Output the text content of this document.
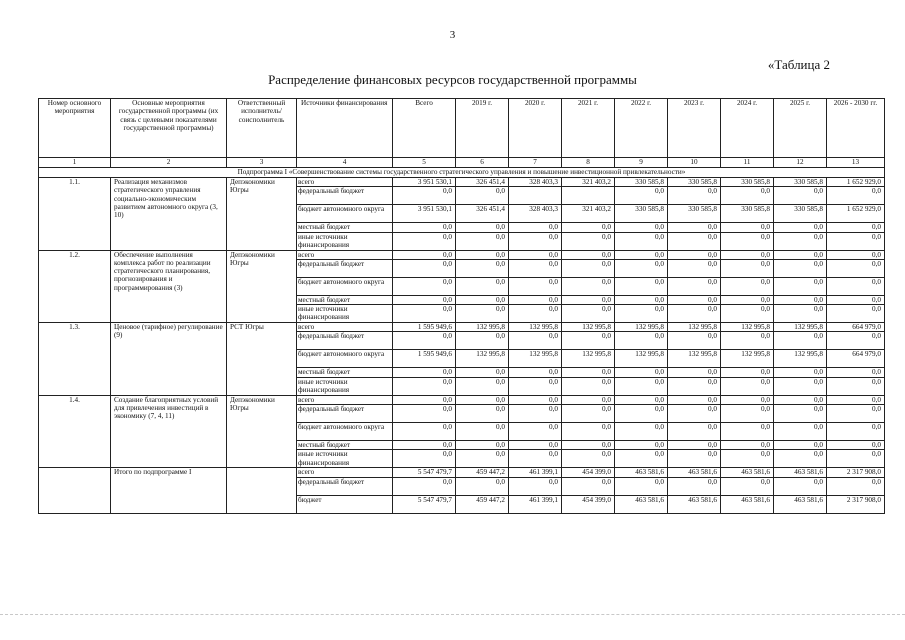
3
«Таблица 2
Распределение финансовых ресурсов государственной программы
Номер основного мероприятия	Основные мероприятия государственной программы (их связь с целевыми показателями государственной программы)	Ответственный исполнитель/ соисполнитель	Источники финансирования	Всего	2019 г.	2020 г.	2021 г.	2022 г.	2023 г.	2024 г.	2025 г.	2026 - 2030 гг.
1	2	3	4	5	6	7	8	9	10	11	12	13
Подпрограмма I «Совершенствование системы государственного стратегического управления и повышение инвестиционной привлекательности»												
1.1.	Реализация механизмов стратегического управления социально-экономическим развитием автономного округа (3, 10)	Депэкономики Югры	всего	3 951 530,1	326 451,4	328 403,3	321 403,2	330 585,8	330 585,8	330 585,8	330 585,8	1 652 929,0
			федеральный бюджет	0,0	0,0			0,0	0,0	0,0	0,0	0,0
			бюджет автономного округа	3 951 530,1	326 451,4	328 403,3	321 403,2	330 585,8	330 585,8	330 585,8	330 585,8	1 652 929,0
			местный бюджет	0,0	0,0	0,0	0,0	0,0	0,0	0,0	0,0	0,0
			иные источники финансирования	0,0	0,0	0,0	0,0	0,0	0,0	0,0	0,0	0,0
1.2.	Обеспечение выполнения комплекса работ по реализации стратегического планирования, прогнозирования и программирования (3)	Депэкономики Югры	всего	0,0	0,0	0,0	0,0	0,0	0,0	0,0	0,0	0,0
			федеральный бюджет	0,0	0,0	0,0	0,0	0,0	0,0	0,0	0,0	0,0
			бюджет автономного округа	0,0	0,0	0,0	0,0	0,0	0,0	0,0	0,0	0,0
			местный бюджет	0,0	0,0	0,0	0,0	0,0	0,0	0,0	0,0	0,0
			иные источники финансирования	0,0	0,0	0,0	0,0	0,0	0,0	0,0	0,0	0,0
1.3.	Ценовое (тарифное) регулирование (9)	РСТ Югры	всего	1 595 949,6	132 995,8	132 995,8	132 995,8	132 995,8	132 995,8	132 995,8	132 995,8	664 979,0
			федеральный бюджет	0,0	0,0	0,0	0,0	0,0	0,0	0,0	0,0	0,0
			бюджет автономного округа	1 595 949,6	132 995,8	132 995,8	132 995,8	132 995,8	132 995,8	132 995,8	132 995,8	664 979,0
			местный бюджет	0,0	0,0	0,0	0,0	0,0	0,0	0,0	0,0	0,0
			иные источники финансирования	0,0	0,0	0,0	0,0	0,0	0,0	0,0	0,0	0,0
1.4.	Создание благоприятных условий для привлечения инвестиций в экономику (7, 4, 11)	Депэкономики Югры	всего	0,0	0,0	0,0	0,0	0,0	0,0	0,0	0,0	0,0
			федеральный бюджет	0,0	0,0	0,0	0,0	0,0	0,0	0,0	0,0	0,0
			бюджет автономного округа	0,0	0,0	0,0	0,0	0,0	0,0	0,0	0,0	0,0
			местный бюджет	0,0	0,0	0,0	0,0	0,0	0,0	0,0	0,0	0,0
			иные источники финансирования	0,0	0,0	0,0	0,0	0,0	0,0	0,0	0,0	0,0
	Итого по подпрограмме I		всего	5 547 479,7	459 447,2	461 399,1	454 399,0	463 581,6	463 581,6	463 581,6	463 581,6	2 317 908,0
			федеральный бюджет	0,0	0,0	0,0	0,0	0,0	0,0	0,0	0,0	0,0
			бюджет	5 547 479,7	459 447,2	461 399,1	454 399,0	463 581,6	463 581,6	463 581,6	463 581,6	2 317 908,0
